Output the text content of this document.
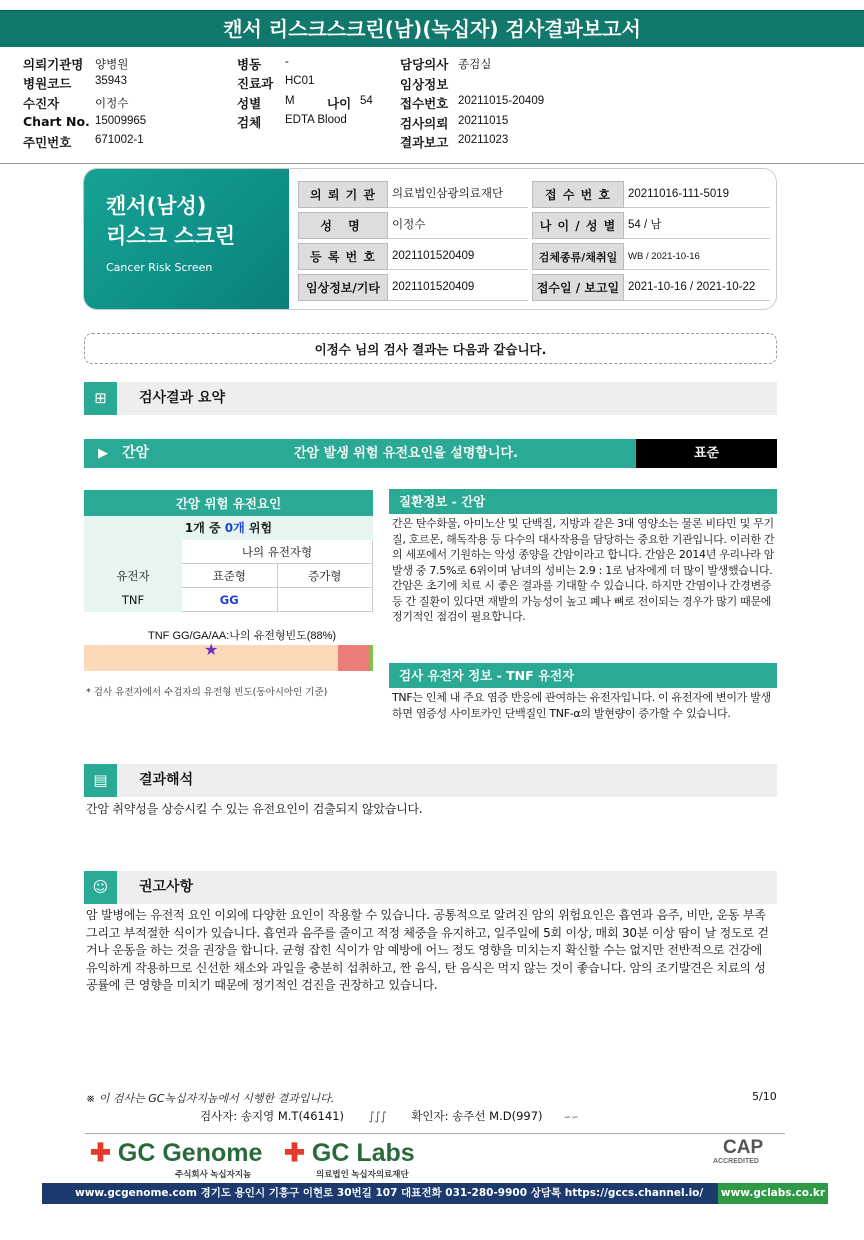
캔서 리스크스크린(남)(녹십자) 검사결과보고서
의뢰기관명 양병원
병원코드 35943
수진자	이정수
Chart No. 15009965
주민번호 671002-1
병동 -
진료과 HC01
성별 M	나이 54
검체 EDTA Blood
담당의사 종검실
임상정보
접수번호 20211015-20409
검사의뢰 20211015
결과보고 20211023
캔서(남성)
리스크 스크린
Cancer Risk Screen
의 뢰 기 관	의료법인삼광의료재단	접 수 번 호	20211016-111-5019
성 명	이정수	나 이 / 성 별	54 / 남
등 록 번 호	2021101520409	검체종류/채취일	WB / 2021-10-16
임상정보/기타	2021101520409	접수일 / 보고일 2021-10-16 / 2021-10-22
이정수 님의 검사 결과는 다음과 같습니다.
⊞	검사결과 요약
▶ 간암	간암 발생 위험 유전요인을 설명합니다.	표준
간암 위험 유전요인		
1개 중 0개 위험		
	나의 유전자형	
유전자	표준형	증가형
TNF	GG	
TNF GG/GA/AA:나의 유전형빈도(88%)
★
* 검사 유전자에서 수검자의 유전형 빈도(동아시아인 기준)
질환정보 - 간암
간은 탄수화물, 아미노산 및 단백질, 지방과 같은 3대 영양소는 물론 비타민 및 무기질, 호르몬, 해독작용 등 다수의 대사작용을 담당하는 중요한 기관입니다. 이러한 간의 세포에서 기원하는 악성 종양을 간암이라고 합니다. 간암은 2014년 우리나라 암 발생 중 7.5%로 6위이며 남녀의 성비는 2.9 : 1로 남자에게 더 많이 발생했습니다. 간암은 초기에 치료 시 좋은 결과를 기대할 수 있습니다. 하지만 간염이나 간경변증 등 간 질환이 있다면 재발의 가능성이 높고 폐나 뼈로 전이되는 경우가 많기 때문에 정기적인 점검이 필요합니다.
검사 유전자 정보 - TNF 유전자
TNF는 인체 내 주요 염증 반응에 관여하는 유전자입니다. 이 유전자에 변이가 발생하면 염증성 사이토카인 단백질인 TNF-α의 발현량이 증가할 수 있습니다.
▤	결과해석
간암 취약성을 상승시킬 수 있는 유전요인이 검출되지 않았습니다.
☺	권고사항
암 발병에는 유전적 요인 이외에 다양한 요인이 작용할 수 있습니다. 공통적으로 알려진 암의 위험요인은 흡연과 음주, 비만, 운동 부족 그리고 부적절한 식이가 있습니다. 흡연과 음주를 줄이고 적정 체중을 유지하고, 일주일에 5회 이상, 매회 30분 이상 땀이 날 정도로 걷거나 운동을 하는 것을 권장을 합니다. 균형 잡힌 식이가 암 예방에 어느 정도 영향을 미치는지 확신할 수는 없지만 전반적으로 건강에 유익하게 작용하므로 신선한 채소와 과일을 충분히 섭취하고, 짠 음식, 탄 음식은 먹지 않는 것이 좋습니다. 암의 조기발견은 치료의 성공률에 큰 영향을 미치기 때문에 정기적인 검진을 권장하고 있습니다.
※ 이 검사는 GC녹십자지놈에서 시행한 결과입니다.	5/10
검사자: 송지영 M.T(46141) ∫∫∫ 확인자: 송주선 M.D(997) ∽∽
✚ GC Genome
주식회사 녹십자지놈
✚ GC Labs
의료법인 녹십자의료재단
CAP
ACCREDITED
www.gcgenome.com 경기도 용인시 기흥구 이현로 30번길 107 대표전화 031-280-9900 상담톡 https://gccs.channel.io/ www.gclabs.co.kr
